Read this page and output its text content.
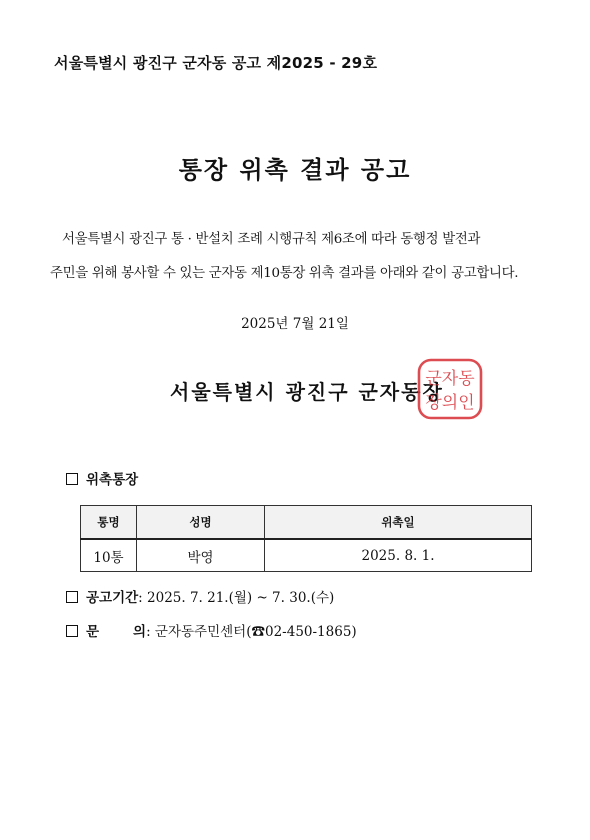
서울특별시 광진구 군자동 공고 제2025 - 29호
통장 위촉 결과 공고
서울특별시 광진구 통 · 반설치 조례 시행규칙 제6조에 따라 동행정 발전과
주민을 위해 봉사할 수 있는 군자동 제10통장 위촉 결과를 아래와 같이 공고합니다.
2025년 7월 21일
서울특별시 광진구 군자동장
군자동
장의인
위촉통장
통명	성명	위촉일
10통	박영	2025. 8. 1.
공고기간: 2025. 7. 21.(월) ~ 7. 30.(수)
문	의: 군자동주민센터(☎02-450-1865)
